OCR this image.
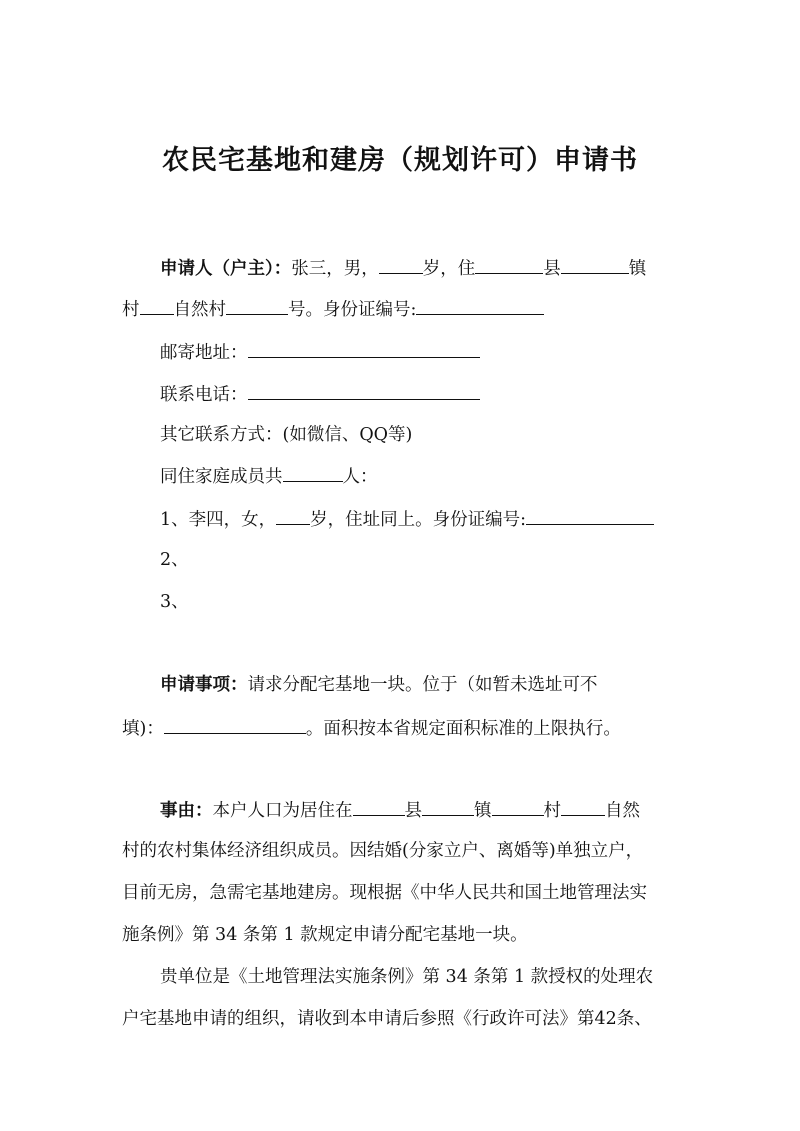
农民宅基地和建房（规划许可）申请书
申请人（户主）：张三，男，	岁，住	县	镇
村 自然村	号。身份证编号:
邮寄地址：
联系电话：
其它联系方式：(如微信、QQ等)
同住家庭成员共	人：
1、李四，女， 岁，住址同上。身份证编号:
2、
3、
申请事项：请求分配宅基地一块。位于（如暂未选址可不
填)：	。面积按本省规定面积标准的上限执行。
事由：本户人口为居住在	县	镇	村	自然
村的农村集体经济组织成员。因结婚(分家立户、离婚等)单独立户，
目前无房，急需宅基地建房。现根据《中华人民共和国土地管理法实
施条例》第 34 条第 1 款规定申请分配宅基地一块。
贵单位是《土地管理法实施条例》第 34 条第 1 款授权的处理农
户宅基地申请的组织，请收到本申请后参照《行政许可法》第42条、
